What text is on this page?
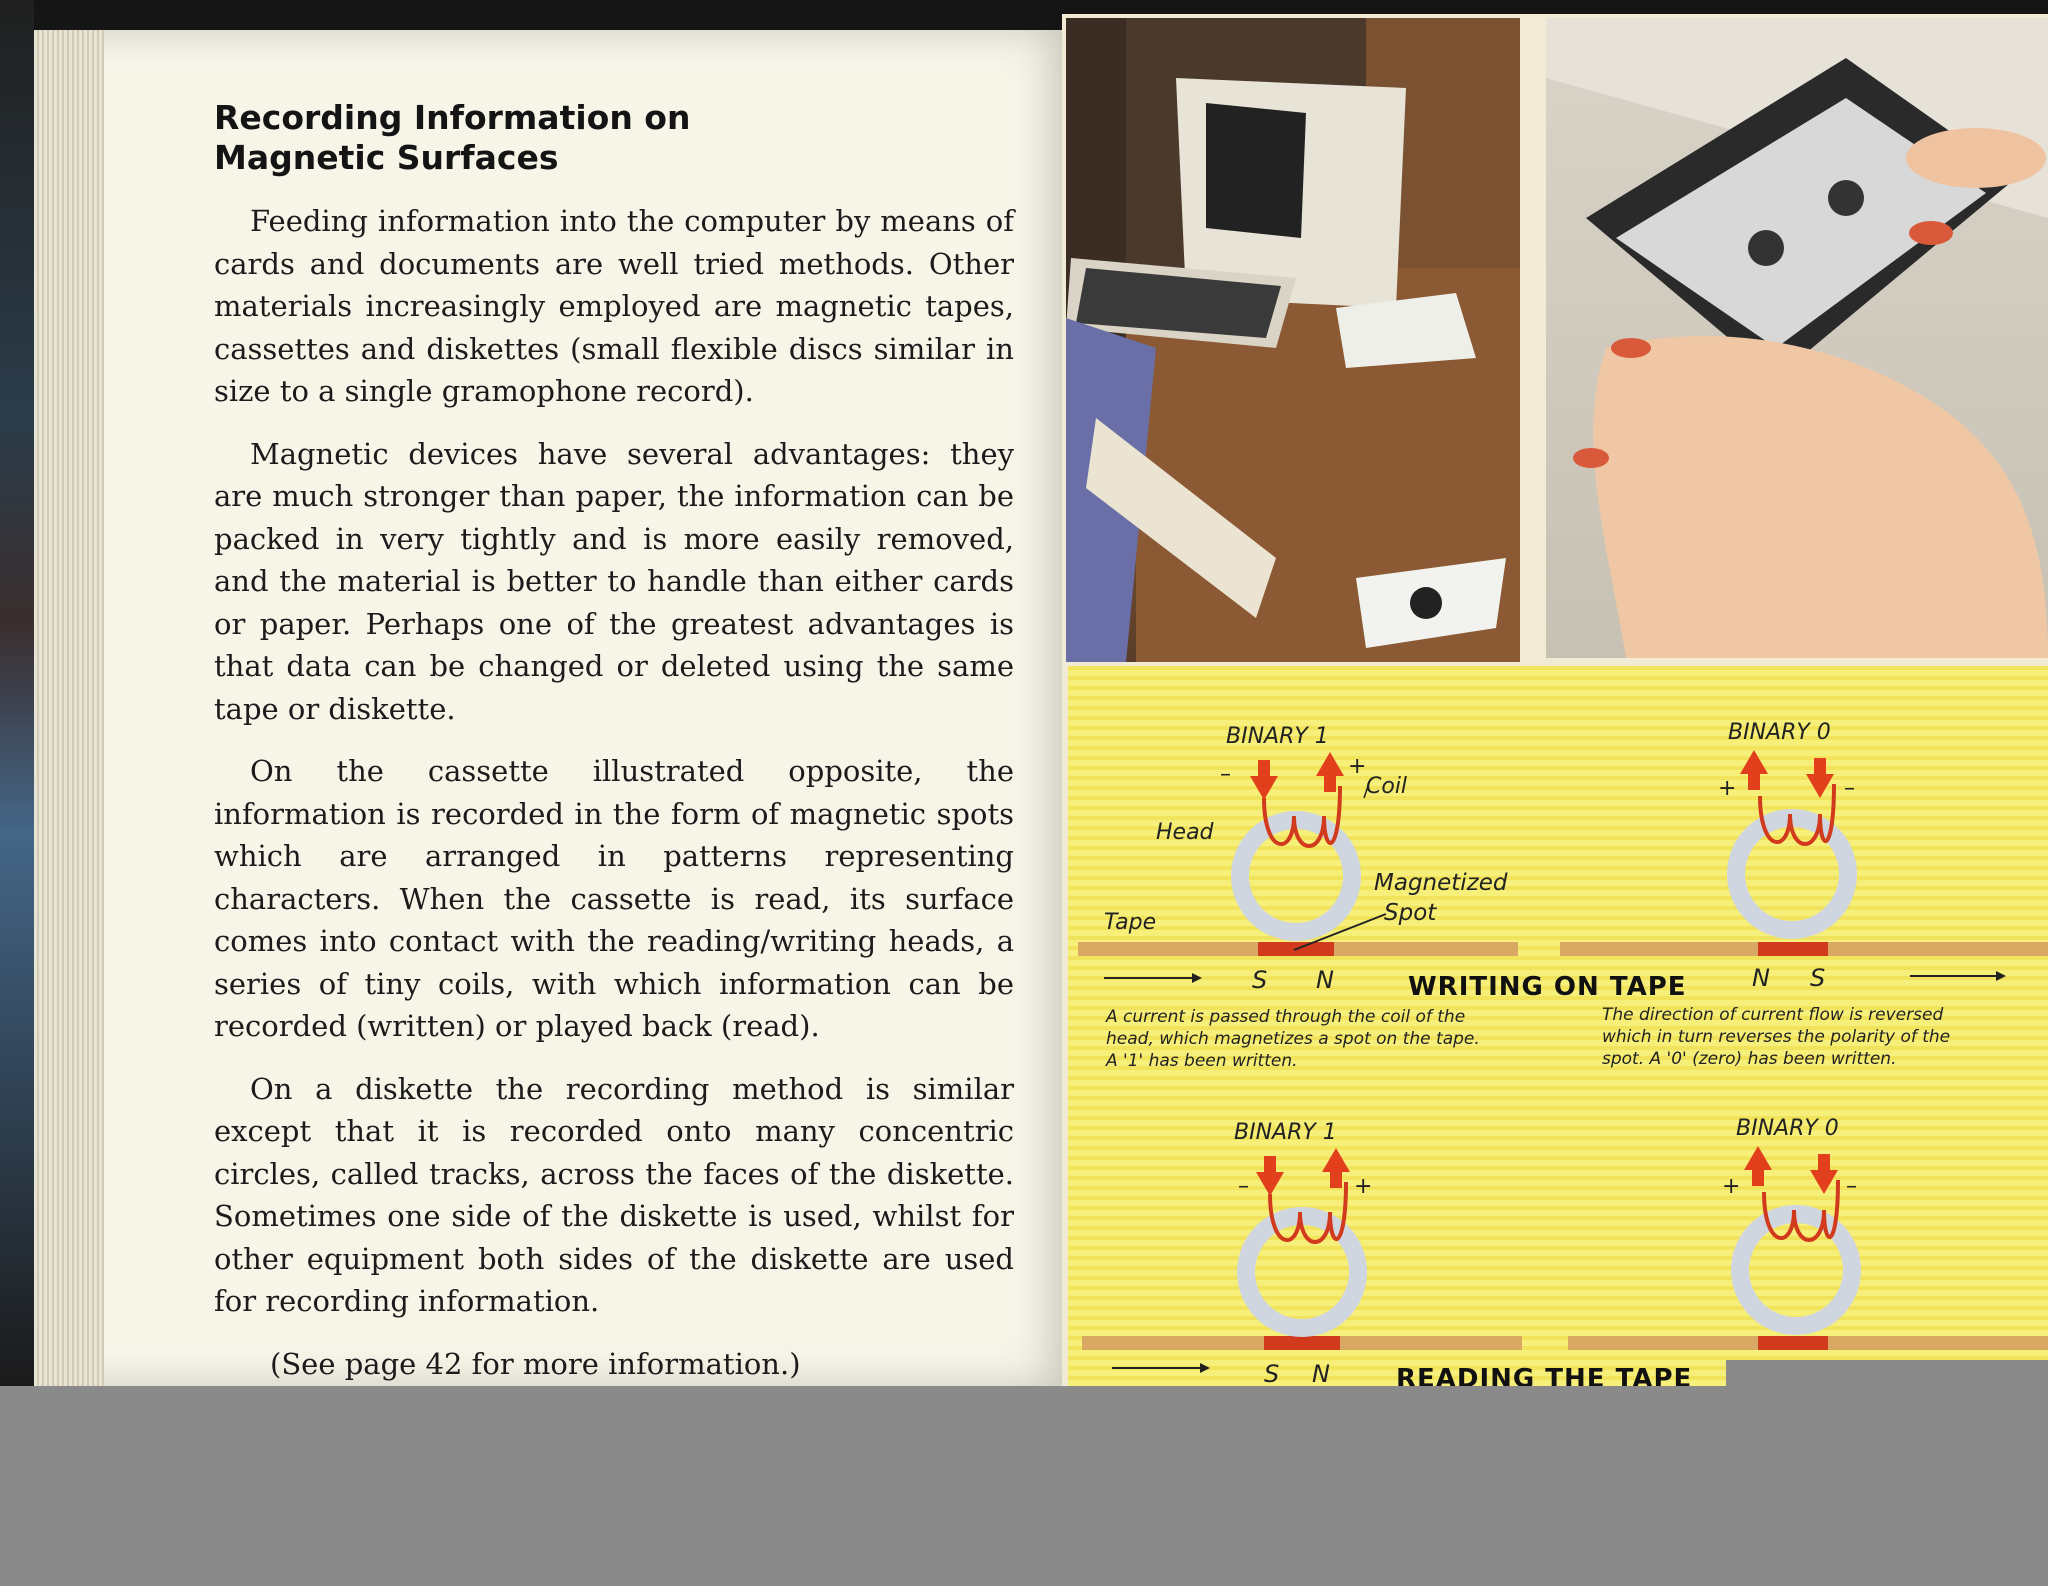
Recording Information on
Magnetic Surfaces

Feeding information into the computer by means of cards and documents are well tried methods. Other materials increasingly employed are magnetic tapes, cassettes and diskettes (small flexible discs similar in size to a single gramophone record).

Magnetic devices have several advantages: they are much stronger than paper, the information can be packed in very tightly and is more easily removed, and the material is better to handle than either cards or paper. Perhaps one of the greatest advantages is that data can be changed or deleted using the same tape or diskette.

On the cassette illustrated opposite, the information is recorded in the form of magnetic spots which are arranged in patterns representing characters. When the cassette is read, its surface comes into contact with the reading/writing heads, a series of tiny coils, with which information can be recorded (written) or played back (read).

On a diskette the recording method is similar except that it is recorded onto many concentric circles, called tracks, across the faces of the diskette. Sometimes one side of the diskette is used, whilst for other equipment both sides of the diskette are used for recording information.

(See page 42 for more information.)

BINARY 1	BINARY 0
Coil
Head
Tape
Magnetized
Spot
–	+
+	–
S N	N S
WRITING ON TAPE
A current is passed through the coil of the
head, which magnetizes a spot on the tape.
A '1' has been written.
The direction of current flow is reversed
which in turn reverses the polarity of the
spot. A '0' (zero) has been written.
BINARY 1	BINARY 0
–	+	+	–
S N	READING THE TAPE
